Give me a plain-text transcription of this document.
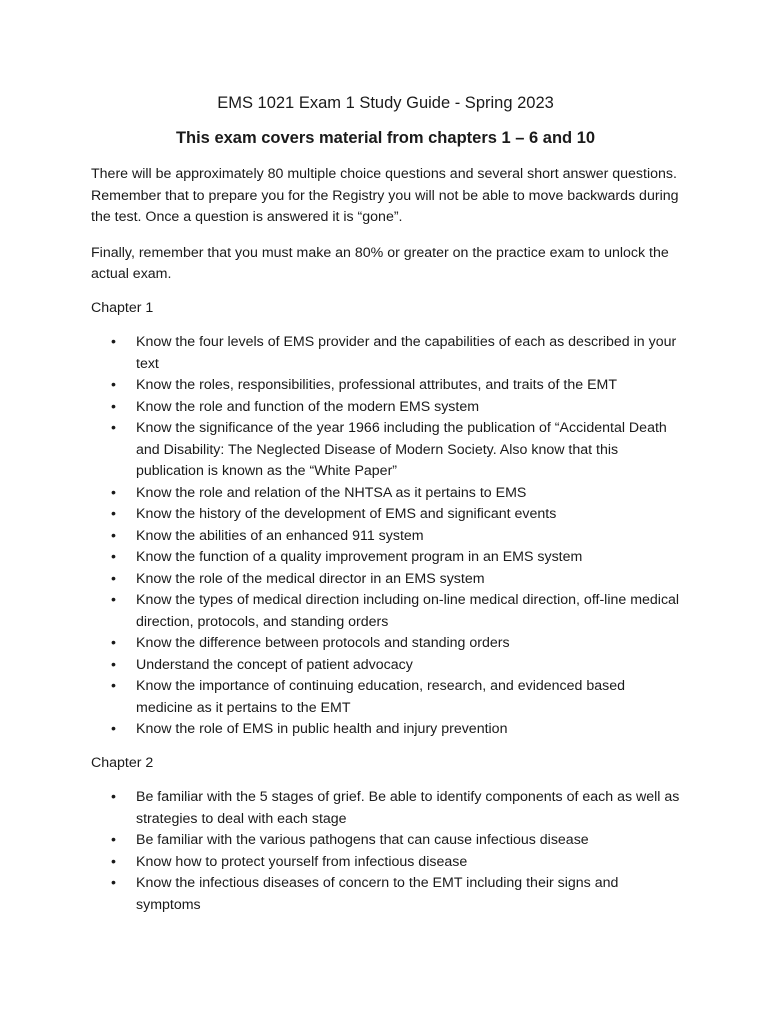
EMS 1021 Exam 1 Study Guide - Spring 2023
This exam covers material from chapters 1 – 6 and 10

There will be approximately 80 multiple choice questions and several short answer questions. Remember that to prepare you for the Registry you will not be able to move backwards during the test. Once a question is answered it is “gone”.

Finally, remember that you must make an 80% or greater on the practice exam to unlock the actual exam.

Chapter 1

• Know the four levels of EMS provider and the capabilities of each as described in your text
• Know the roles, responsibilities, professional attributes, and traits of the EMT
• Know the role and function of the modern EMS system
• Know the significance of the year 1966 including the publication of “Accidental Death and Disability: The Neglected Disease of Modern Society. Also know that this publication is known as the “White Paper”
• Know the role and relation of the NHTSA as it pertains to EMS
• Know the history of the development of EMS and significant events
• Know the abilities of an enhanced 911 system
• Know the function of a quality improvement program in an EMS system
• Know the role of the medical director in an EMS system
• Know the types of medical direction including on-line medical direction, off-line medical direction, protocols, and standing orders
• Know the difference between protocols and standing orders
• Understand the concept of patient advocacy
• Know the importance of continuing education, research, and evidenced based medicine as it pertains to the EMT
• Know the role of EMS in public health and injury prevention

Chapter 2

• Be familiar with the 5 stages of grief. Be able to identify components of each as well as strategies to deal with each stage
• Be familiar with the various pathogens that can cause infectious disease
• Know how to protect yourself from infectious disease
• Know the infectious diseases of concern to the EMT including their signs and symptoms
